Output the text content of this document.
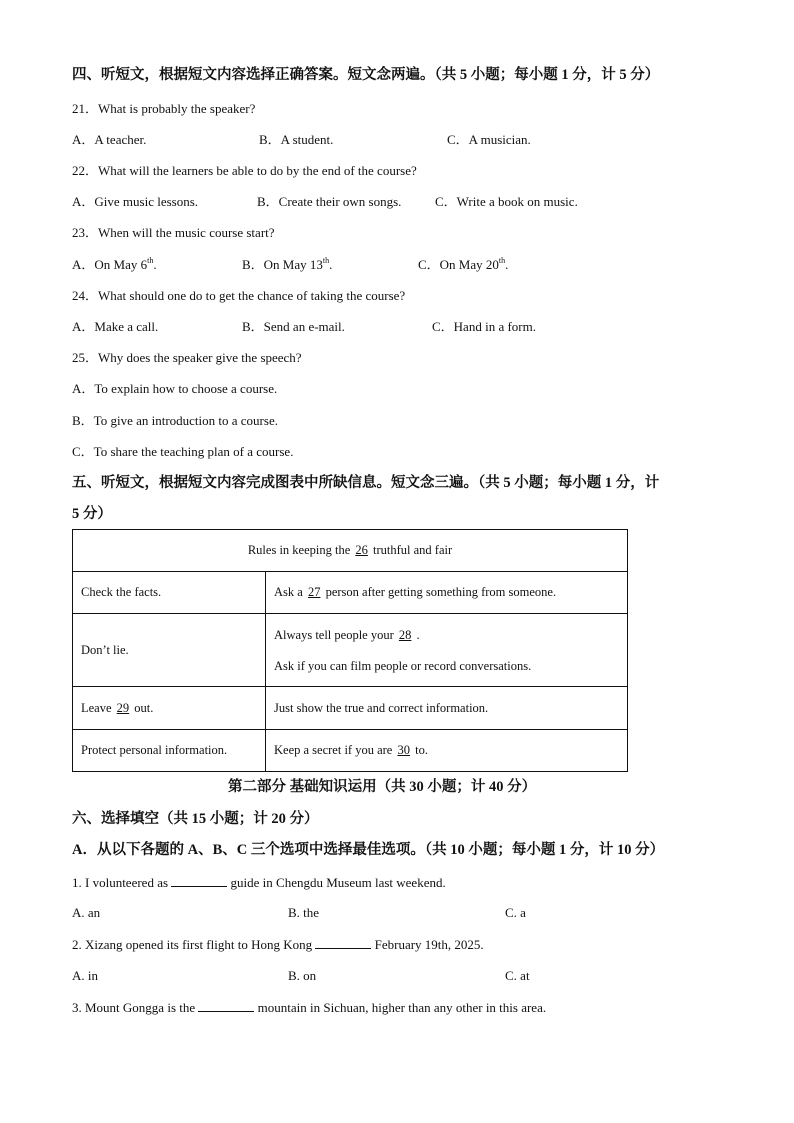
四、听短文，根据短文内容选择正确答案。短文念两遍。（共 5 小题；每小题 1 分，计 5 分）
21．What is probably the speaker?
A．A teacher.	B．A student.	C．A musician.
22．What will the learners be able to do by the end of the course?
A．Give music lessons.	B．Create their own songs.	C．Write a book on music.
23．When will the music course start?
A．On May 6th.	B．On May 13th.	C．On May 20th.
24．What should one do to get the chance of taking the course?
A．Make a call.	B．Send an e-mail.	C．Hand in a form.
25．Why does the speaker give the speech?
A．To explain how to choose a course.
B．To give an introduction to a course.
C．To share the teaching plan of a course.
五、听短文，根据短文内容完成图表中所缺信息。短文念三遍。（共 5 小题；每小题 1 分，计
5 分）
Rules in keeping the 26 truthful and fair	
Check the facts.	Ask a 27 person after getting something from someone.
Don’t lie.	Always tell people your 28 .
Ask if you can film people or record conversations.

Leave 29 out.	Just show the true and correct information.
Protect personal information.	Keep a secret if you are 30 to.
第二部分 基础知识运用（共 30 小题；计 40 分）
六、选择填空（共 15 小题；计 20 分）
A．从以下各题的 A、B、C 三个选项中选择最佳选项。（共 10 小题；每小题 1 分，计 10 分）
1. I volunteered as	guide in Chengdu Museum last weekend.
A. an	B. the	C. a
2. Xizang opened its first flight to Hong Kong	February 19th, 2025.
A. in	B. on	C. at
3. Mount Gongga is the	mountain in Sichuan, higher than any other in this area.
